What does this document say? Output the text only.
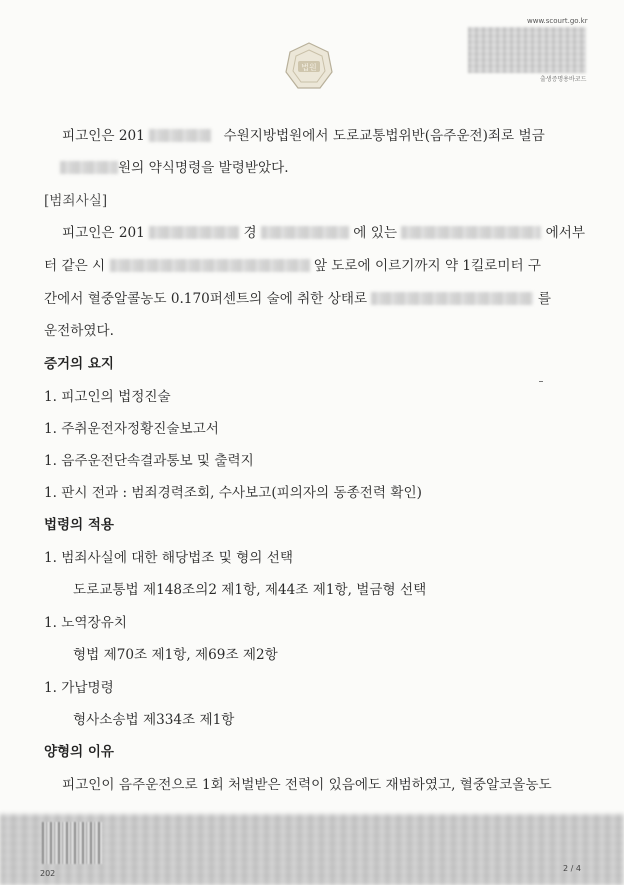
법원
www.scourt.go.kr
출생증명용바코드
피고인은 201	수원지방법원에서 도로교통법위반(음주운전)죄로 벌금
원의 약식명령을 발령받았다.
[범죄사실]
피고인은 201	경	에 있는	에서부
터 같은 시	앞 도로에 이르기까지 약 1킬로미터 구
간에서 혈중알콜농도 0.170퍼센트의 술에 취한 상태로	를
운전하였다.
증거의 요지
1. 피고인의 법정진술
1. 주취운전자정황진술보고서
1. 음주운전단속결과통보 및 출력지
1. 판시 전과 : 범죄경력조회, 수사보고(피의자의 동종전력 확인)
법령의 적용
1. 범죄사실에 대한 해당법조 및 형의 선택
도로교통법 제148조의2 제1항, 제44조 제1항, 벌금형 선택
1. 노역장유치
형법 제70조 제1항, 제69조 제2항
1. 가납명령
형사소송법 제334조 제1항
양형의 이유
피고인이 음주운전으로 1회 처벌받은 전력이 있음에도 재범하였고, 혈중알코올농도
202
2 / 4
